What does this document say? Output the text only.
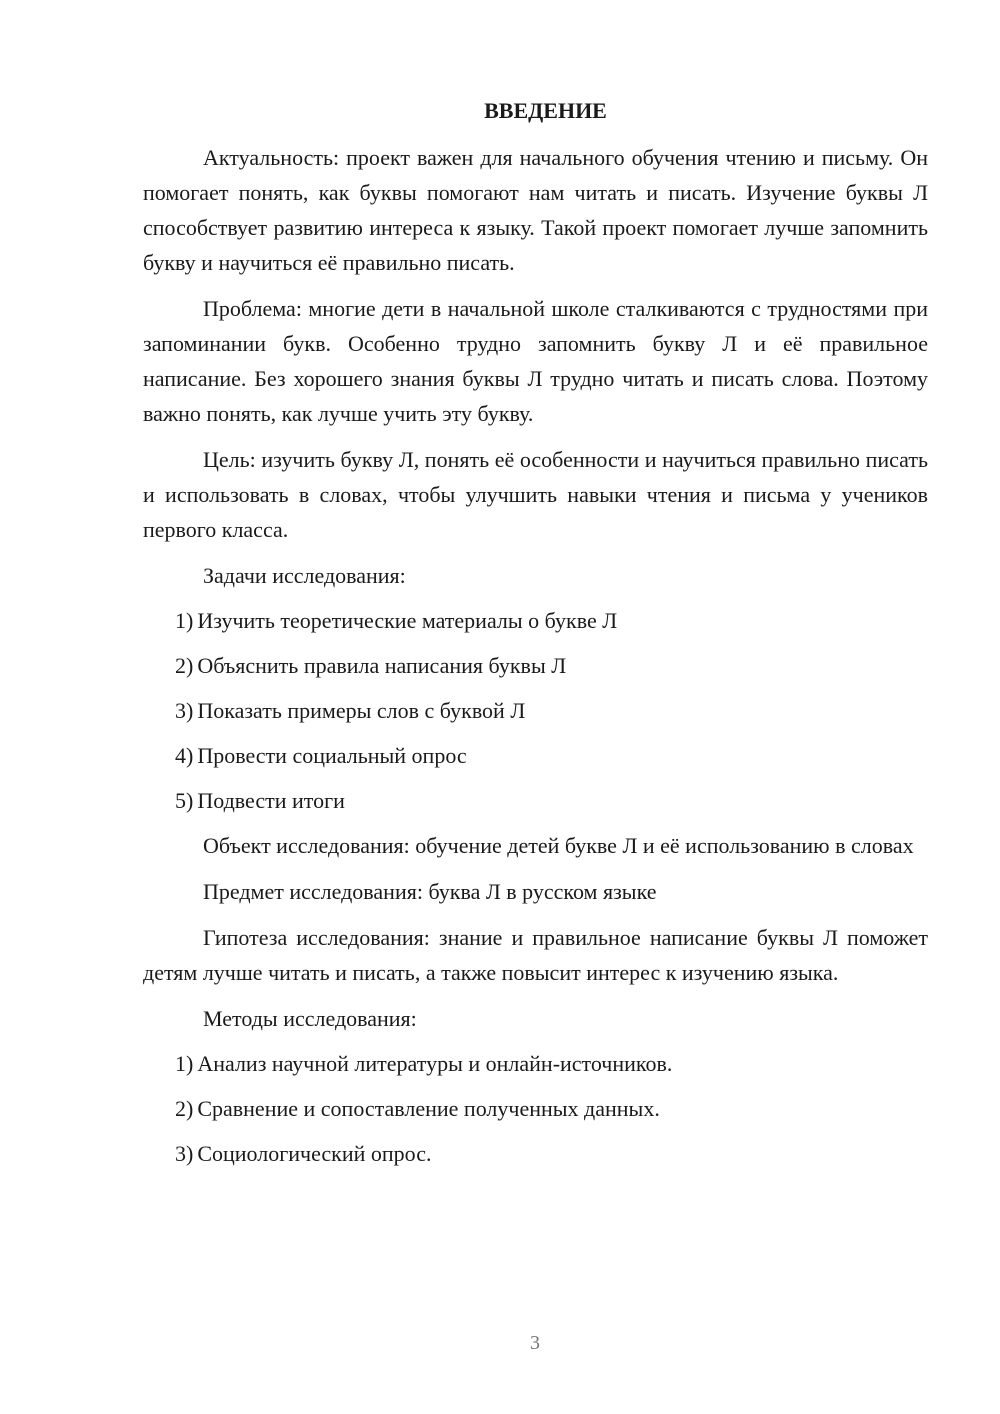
ВВЕДЕНИЕ

Актуальность: проект важен для начального обучения чтению и письму. Он помогает понять, как буквы помогают нам читать и писать. Изучение буквы Л способствует развитию интереса к языку. Такой проект помогает лучше запомнить букву и научиться её правильно писать.

Проблема: многие дети в начальной школе сталкиваются с трудностями при запоминании букв. Особенно трудно запомнить букву Л и её правильное написание. Без хорошего знания буквы Л трудно читать и писать слова. Поэтому важно понять, как лучше учить эту букву.

Цель: изучить букву Л, понять её особенности и научиться правильно писать и использовать в словах, чтобы улучшить навыки чтения и письма у учеников первого класса.

Задачи исследования:

1) Изучить теоретические материалы о букве Л
2) Объяснить правила написания буквы Л
3) Показать примеры слов с буквой Л
4) Провести социальный опрос
5) Подвести итоги

Объект исследования: обучение детей букве Л и её использованию в словах

Предмет исследования: буква Л в русском языке

Гипотеза исследования: знание и правильное написание буквы Л поможет детям лучше читать и писать, а также повысит интерес к изучению языка.

Методы исследования:

1) Анализ научной литературы и онлайн-источников.
2) Сравнение и сопоставление полученных данных.
3) Социологический опрос.
3
